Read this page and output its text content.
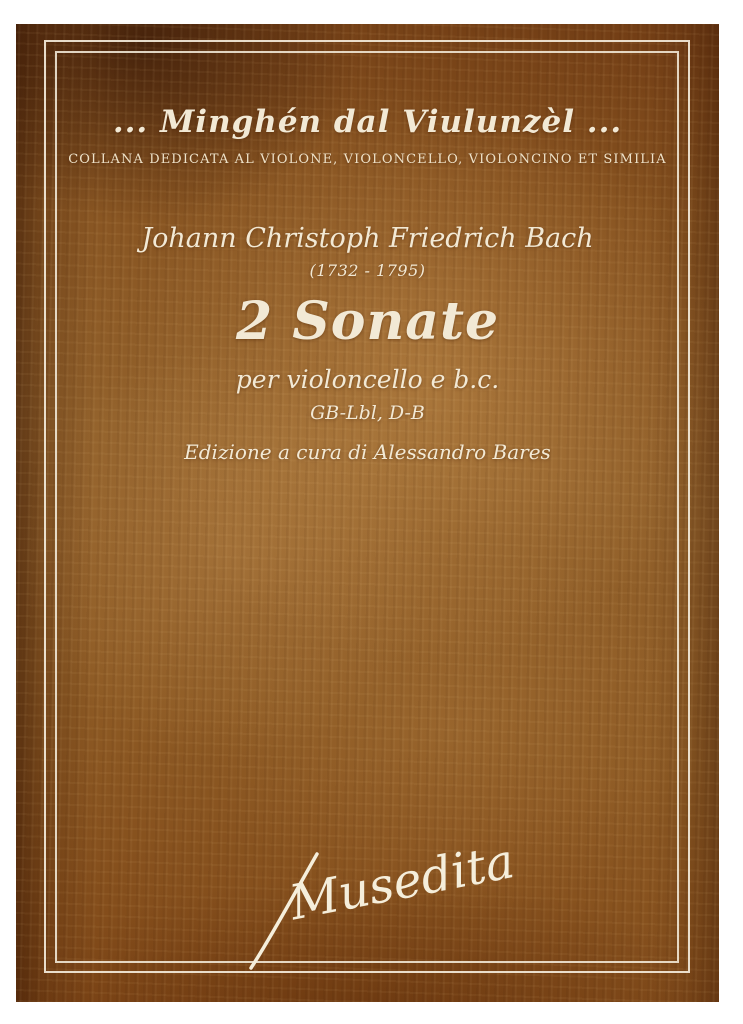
... Minghén dal Viulunzèl ...
COLLANA DEDICATA AL VIOLONE, VIOLONCELLO, VIOLONCINO ET SIMILIA
Johann Christoph Friedrich Bach
(1732 - 1795)
2 Sonate
per violoncello e b.c.
GB-Lbl, D-B
Edizione a cura di Alessandro Bares
Musedita
